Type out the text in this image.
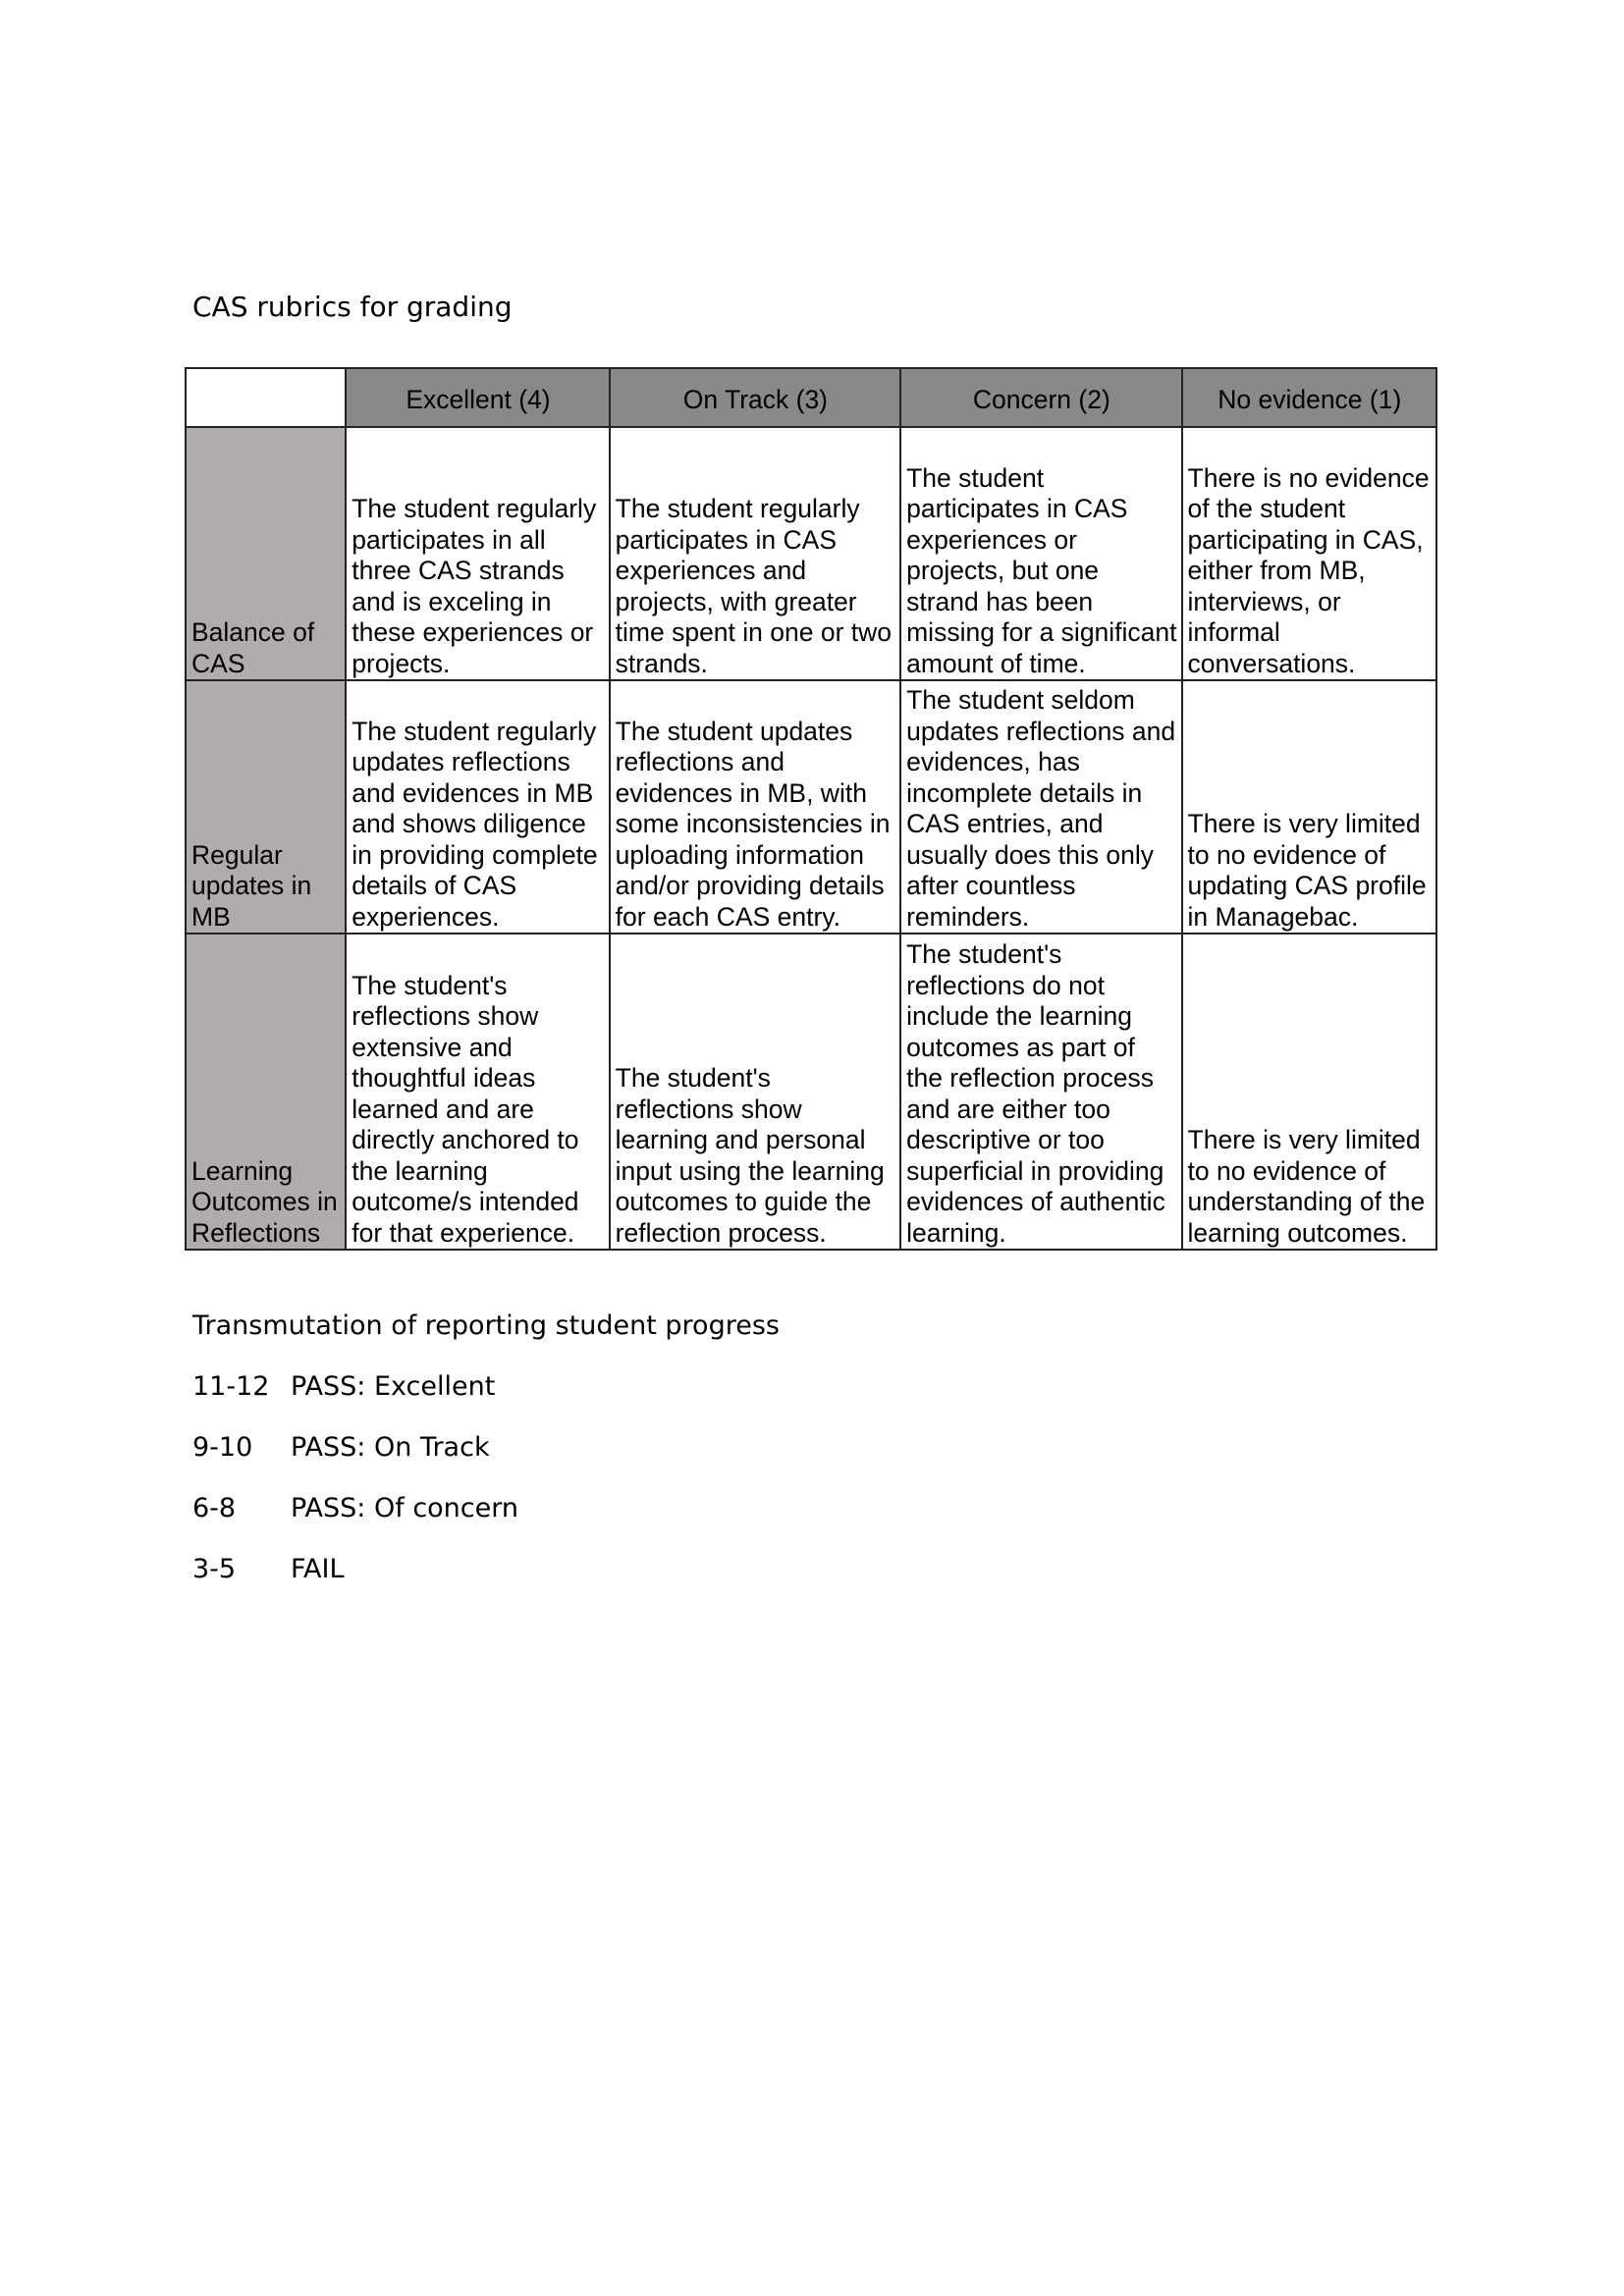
CAS rubrics for grading
	Excellent (4)	On Track (3)	Concern (2)	No evidence (1)
Balance of CAS	The student regularly participates in all three CAS strands and is exceling in these experiences or projects.	The student regularly participates in CAS experiences and projects, with greater time spent in one or two strands.	The student participates in CAS experiences or projects, but one strand has been missing for a significant amount of time.	There is no evidence of the student participating in CAS, either from MB, interviews, or informal conversations.
Regular updates in MB	The student regularly updates reflections and evidences in MB and shows diligence in providing complete details of CAS experiences.	The student updates reflections and evidences in MB, with some inconsistencies in uploading information and/or providing details for each CAS entry.	The student seldom updates reflections and evidences, has incomplete details in CAS entries, and usually does this only after countless reminders.	There is very limited to no evidence of updating CAS profile in Managebac.
Learning Outcomes in Reflections	The student's reflections show extensive and thoughtful ideas learned and are directly anchored to the learning outcome/s intended for that experience.	The student's reflections show learning and personal input using the learning outcomes to guide the reflection process.	The student's reflections do not include the learning outcomes as part of the reflection process and are either too descriptive or too superficial in providing evidences of authentic learning.	There is very limited to no evidence of understanding of the learning outcomes.
Transmutation of reporting student progress
11-12 PASS: Excellent
9-10	PASS: On Track
6-8	PASS: Of concern
3-5	FAIL
